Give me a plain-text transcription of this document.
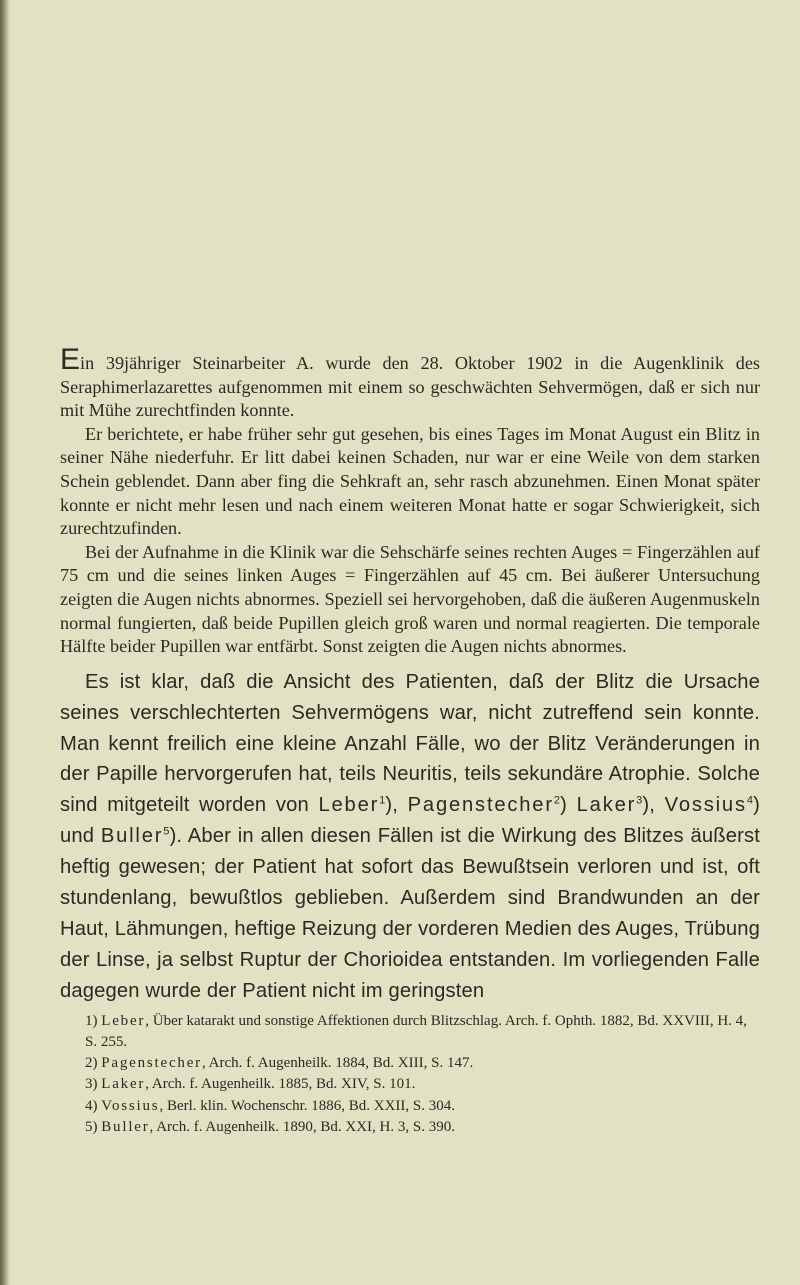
Ein 39jähriger Steinarbeiter A. wurde den 28. Oktober 1902 in die Augenklinik des Seraphimerlazarettes aufgenommen mit einem so geschwächten Sehvermögen, daß er sich nur mit Mühe zurechtfinden konnte.

Er berichtete, er habe früher sehr gut gesehen, bis eines Tages im Monat August ein Blitz in seiner Nähe niederfuhr. Er litt dabei keinen Schaden, nur war er eine Weile von dem starken Schein geblendet. Dann aber fing die Sehkraft an, sehr rasch abzunehmen. Einen Monat später konnte er nicht mehr lesen und nach einem weiteren Monat hatte er sogar Schwierigkeit, sich zurechtzufinden.

Bei der Aufnahme in die Klinik war die Sehschärfe seines rechten Auges = Fingerzählen auf 75 cm und die seines linken Auges = Fingerzählen auf 45 cm. Bei äußerer Untersuchung zeigten die Augen nichts abnormes. Speziell sei hervorgehoben, daß die äußeren Augenmuskeln normal fungierten, daß beide Pupillen gleich groß waren und normal reagierten. Die temporale Hälfte beider Pupillen war entfärbt. Sonst zeigten die Augen nichts abnormes.

Es ist klar, daß die Ansicht des Patienten, daß der Blitz die Ursache seines verschlechterten Sehvermögens war, nicht zutreffend sein konnte. Man kennt freilich eine kleine Anzahl Fälle, wo der Blitz Veränderungen in der Papille hervorgerufen hat, teils Neuritis, teils sekundäre Atrophie. Solche sind mitgeteilt worden von Leber$^1$), Pagenstecher$^2$) Laker$^3$), Vossius$^4$) und Buller$^5$). Aber in allen diesen Fällen ist die Wirkung des Blitzes äußerst heftig gewesen; der Patient hat sofort das Bewußtsein verloren und ist, oft stundenlang, bewußtlos geblieben. Außerdem sind Brandwunden an der Haut, Lähmungen, heftige Reizung der vorderen Medien des Auges, Trübung der Linse, ja selbst Ruptur der Chorioidea entstanden. Im vorliegenden Falle dagegen wurde der Patient nicht im geringsten

1) Leber, Über katarakt und sonstige Affektionen durch Blitzschlag. Arch. f. Ophth. 1882, Bd. XXVIII, H. 4, S. 255.
2) Pagenstecher, Arch. f. Augenheilk. 1884, Bd. XIII, S. 147.
3) Laker, Arch. f. Augenheilk. 1885, Bd. XIV, S. 101.
4) Vossius, Berl. klin. Wochenschr. 1886, Bd. XXII, S. 304.
5) Buller, Arch. f. Augenheilk. 1890, Bd. XXI, H. 3, S. 390.
